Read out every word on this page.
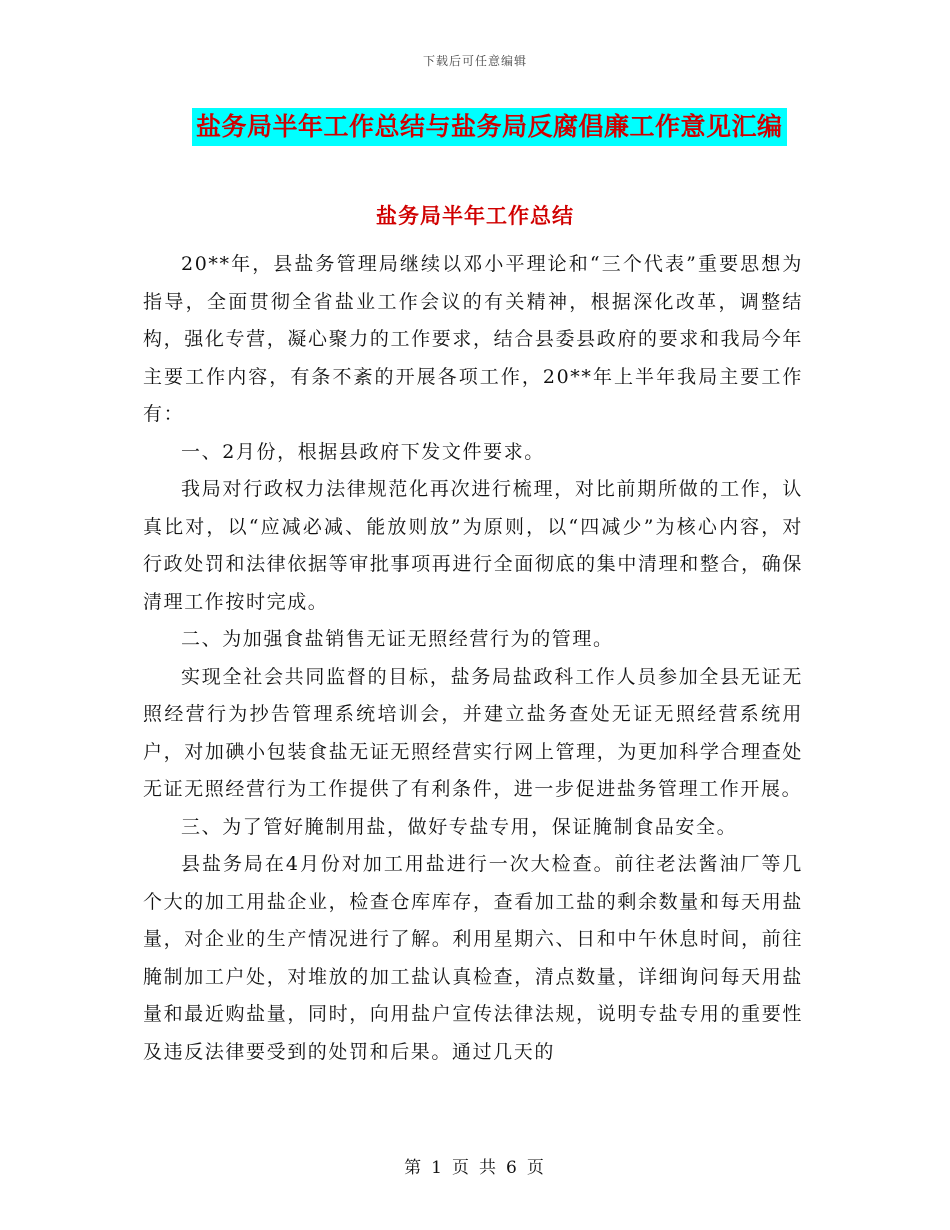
下载后可任意编辑
盐务局半年工作总结与盐务局反腐倡廉工作意见汇编
盐务局半年工作总结

20**年，县盐务管理局继续以邓小平理论和“三个代表”重要思想为指导，全面贯彻全省盐业工作会议的有关精神，根据深化改革，调整结构，强化专营，凝心聚力的工作要求，结合县委县政府的要求和我局今年主要工作内容，有条不紊的开展各项工作，20**年上半年我局主要工作有：

一、2月份，根据县政府下发文件要求。

我局对行政权力法律规范化再次进行梳理，对比前期所做的工作，认真比对，以“应减必减、能放则放”为原则，以“四减少”为核心内容，对行政处罚和法律依据等审批事项再进行全面彻底的集中清理和整合，确保清理工作按时完成。

二、为加强食盐销售无证无照经营行为的管理。

实现全社会共同监督的目标，盐务局盐政科工作人员参加全县无证无照经营行为抄告管理系统培训会，并建立盐务查处无证无照经营系统用户，对加碘小包装食盐无证无照经营实行网上管理，为更加科学合理查处无证无照经营行为工作提供了有利条件，进一步促进盐务管理工作开展。

三、为了管好腌制用盐，做好专盐专用，保证腌制食品安全。

县盐务局在4月份对加工用盐进行一次大检查。前往老法酱油厂等几个大的加工用盐企业，检查仓库库存，查看加工盐的剩余数量和每天用盐量，对企业的生产情况进行了解。利用星期六、日和中午休息时间，前往腌制加工户处，对堆放的加工盐认真检查，清点数量，详细询问每天用盐量和最近购盐量，同时，向用盐户宣传法律法规，说明专盐专用的重要性及违反法律要受到的处罚和后果。通过几天的

第 1 页 共 6 页
